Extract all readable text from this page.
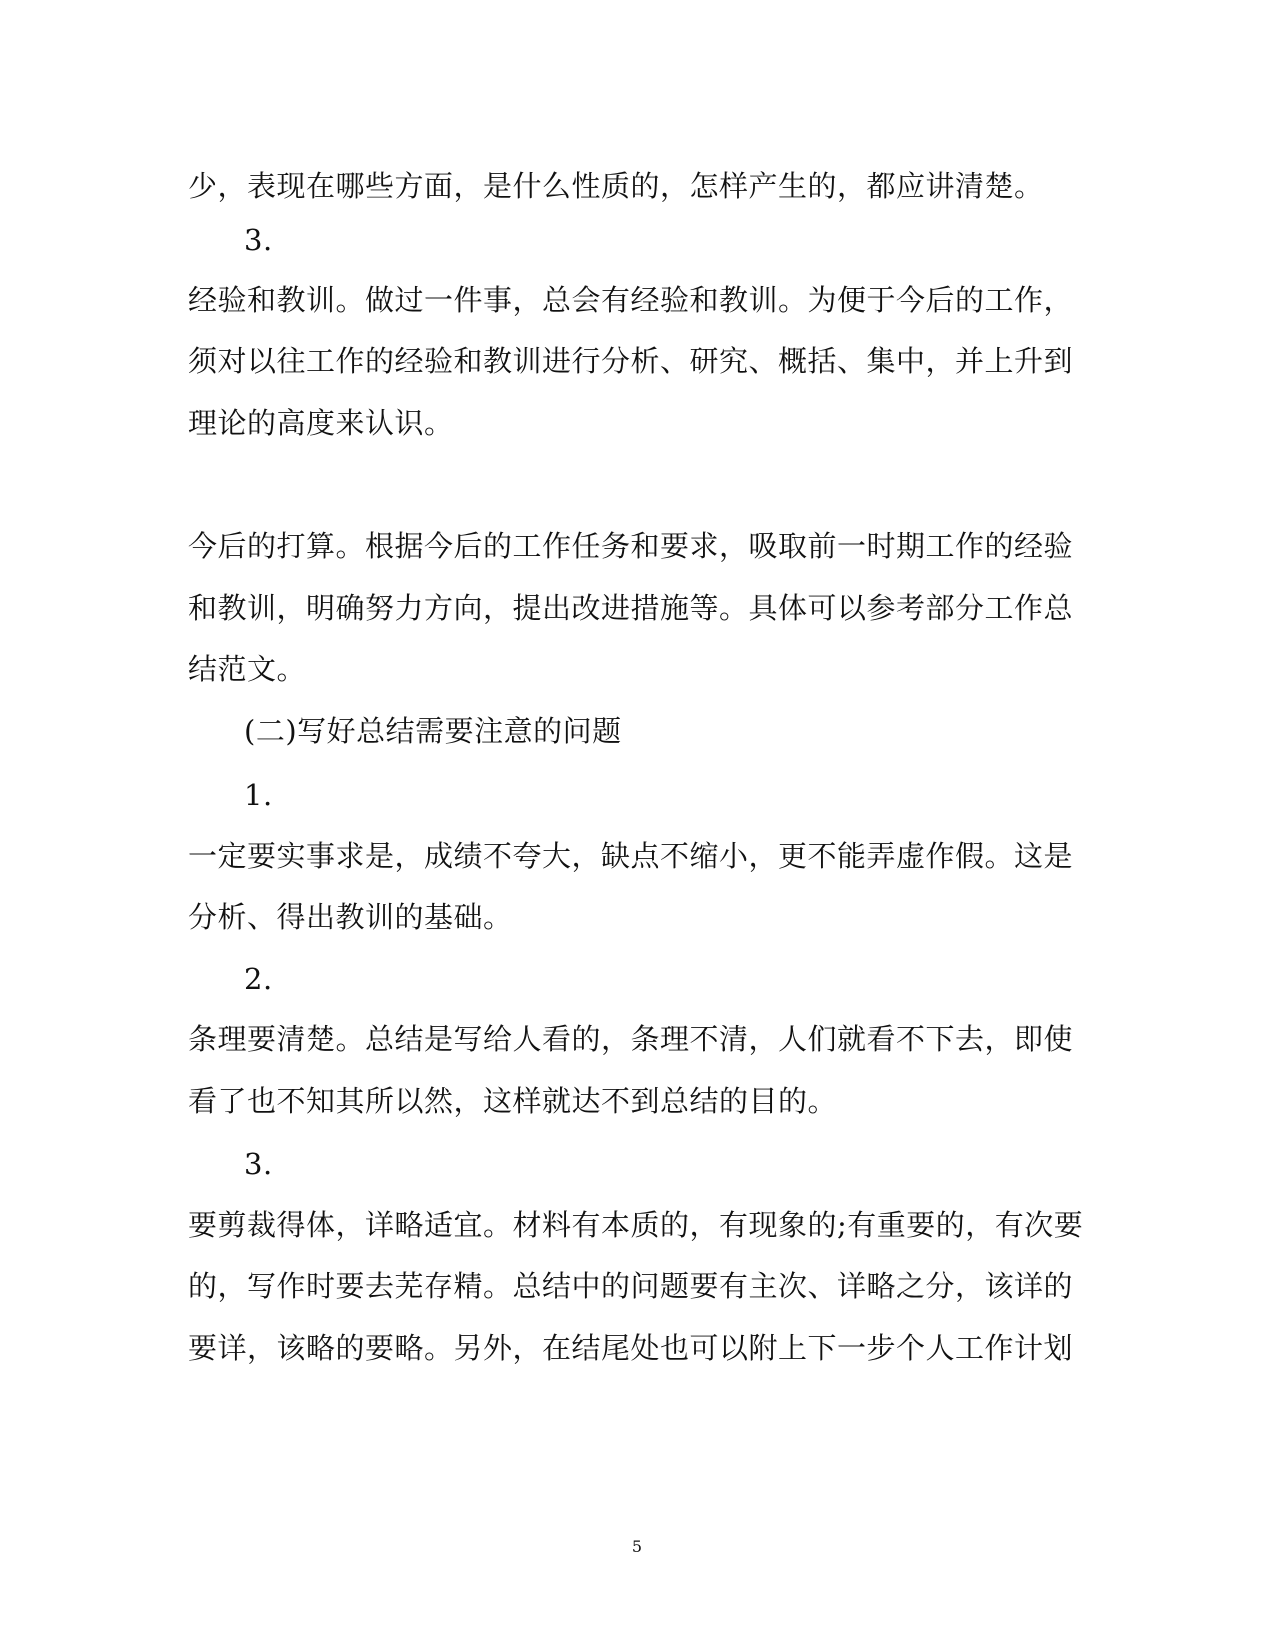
少，表现在哪些方面，是什么性质的，怎样产生的，都应讲清楚。
3.
经验和教训。做过一件事，总会有经验和教训。为便于今后的工作，
须对以往工作的经验和教训进行分析、研究、概括、集中，并上升到
理论的高度来认识。
今后的打算。根据今后的工作任务和要求，吸取前一时期工作的经验
和教训，明确努力方向，提出改进措施等。具体可以参考部分工作总
结范文。
(二)写好总结需要注意的问题
1.
一定要实事求是，成绩不夸大，缺点不缩小，更不能弄虚作假。这是
分析、得出教训的基础。
2.
条理要清楚。总结是写给人看的，条理不清，人们就看不下去，即使
看了也不知其所以然，这样就达不到总结的目的。
3.
要剪裁得体，详略适宜。材料有本质的，有现象的;有重要的，有次要
的，写作时要去芜存精。总结中的问题要有主次、详略之分，该详的
要详，该略的要略。另外，在结尾处也可以附上下一步个人工作计划
5
